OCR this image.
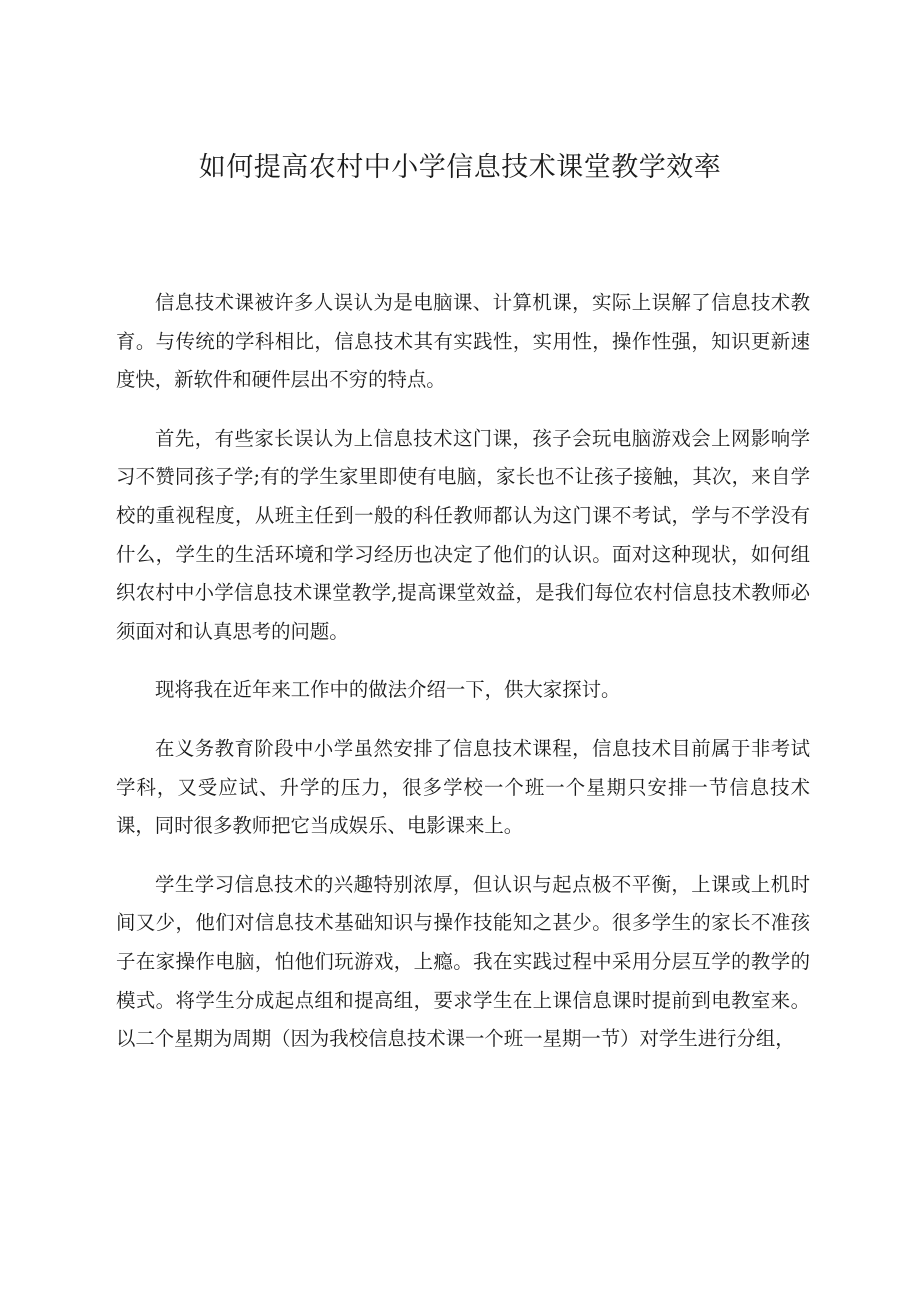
如何提高农村中小学信息技术课堂教学效率

信息技术课被许多人误认为是电脑课、计算机课，实际上误解了信息技术教育。与传统的学科相比，信息技术其有实践性，实用性，操作性强，知识更新速度快，新软件和硬件层出不穷的特点。

首先，有些家长误认为上信息技术这门课，孩子会玩电脑游戏会上网影响学习不赞同孩子学;有的学生家里即使有电脑，家长也不让孩子接触，其次，来自学校的重视程度，从班主任到一般的科任教师都认为这门课不考试，学与不学没有什么，学生的生活环境和学习经历也决定了他们的认识。面对这种现状，如何组织农村中小学信息技术课堂教学,提高课堂效益，是我们每位农村信息技术教师必须面对和认真思考的问题。

现将我在近年来工作中的做法介绍一下，供大家探讨。

在义务教育阶段中小学虽然安排了信息技术课程，信息技术目前属于非考试学科，又受应试、升学的压力，很多学校一个班一个星期只安排一节信息技术课，同时很多教师把它当成娱乐、电影课来上。

学生学习信息技术的兴趣特别浓厚，但认识与起点极不平衡，上课或上机时间又少，他们对信息技术基础知识与操作技能知之甚少。很多学生的家长不准孩子在家操作电脑，怕他们玩游戏，上瘾。我在实践过程中采用分层互学的教学的模式。将学生分成起点组和提高组，要求学生在上课信息课时提前到电教室来。以二个星期为周期（因为我校信息技术课一个班一星期一节）对学生进行分组，
